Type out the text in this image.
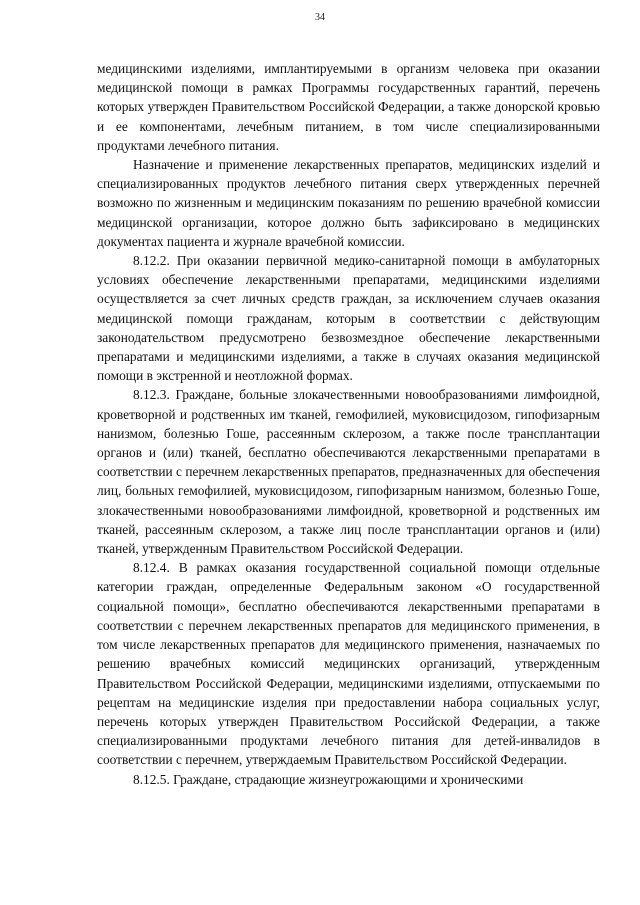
34

медицинскими изделиями, имплантируемыми в организм человека при оказании медицинской помощи в рамках Программы государственных гарантий, перечень которых утвержден Правительством Российской Федерации, а также донорской кровью и ее компонентами, лечебным питанием, в том числе специализированными продуктами лечебного питания.

Назначение и применение лекарственных препаратов, медицинских изделий и специализированных продуктов лечебного питания сверх утвержденных перечней возможно по жизненным и медицинским показаниям по решению врачебной комиссии медицинской организации, которое должно быть зафиксировано в медицинских документах пациента и журнале врачебной комиссии.

8.12.2. При оказании первичной медико-санитарной помощи в амбулаторных условиях обеспечение лекарственными препаратами, медицинскими изделиями осуществляется за счет личных средств граждан, за исключением случаев оказания медицинской помощи гражданам, которым в соответствии с действующим законодательством предусмотрено безвозмездное обеспечение лекарственными препаратами и медицинскими изделиями, а также в случаях оказания медицинской помощи в экстренной и неотложной формах.

8.12.3. Граждане, больные злокачественными новообразованиями лимфоидной, кроветворной и родственных им тканей, гемофилией, муковисцидозом, гипофизарным нанизмом, болезнью Гоше, рассеянным склерозом, а также после трансплантации органов и (или) тканей, бесплатно обеспечиваются лекарственными препаратами в соответствии с перечнем лекарственных препаратов, предназначенных для обеспечения лиц, больных гемофилией, муковисцидозом, гипофизарным нанизмом, болезнью Гоше, злокачественными новообразованиями лимфоидной, кроветворной и родственных им тканей, рассеянным склерозом, а также лиц после трансплантации органов и (или) тканей, утвержденным Правительством Российской Федерации.

8.12.4. В рамках оказания государственной социальной помощи отдельные категории граждан, определенные Федеральным законом «О государственной социальной помощи», бесплатно обеспечиваются лекарственными препаратами в соответствии с перечнем лекарственных препаратов для медицинского применения, в том числе лекарственных препаратов для медицинского применения, назначаемых по решению врачебных комиссий медицинских организаций, утвержденным Правительством Российской Федерации, медицинскими изделиями, отпускаемыми по рецептам на медицинские изделия при предоставлении набора социальных услуг, перечень которых утвержден Правительством Российской Федерации, а также специализированными продуктами лечебного питания для детей-инвалидов в соответствии с перечнем, утверждаемым Правительством Российской Федерации.

8.12.5. Граждане, страдающие жизнеугрожающими и хроническими
